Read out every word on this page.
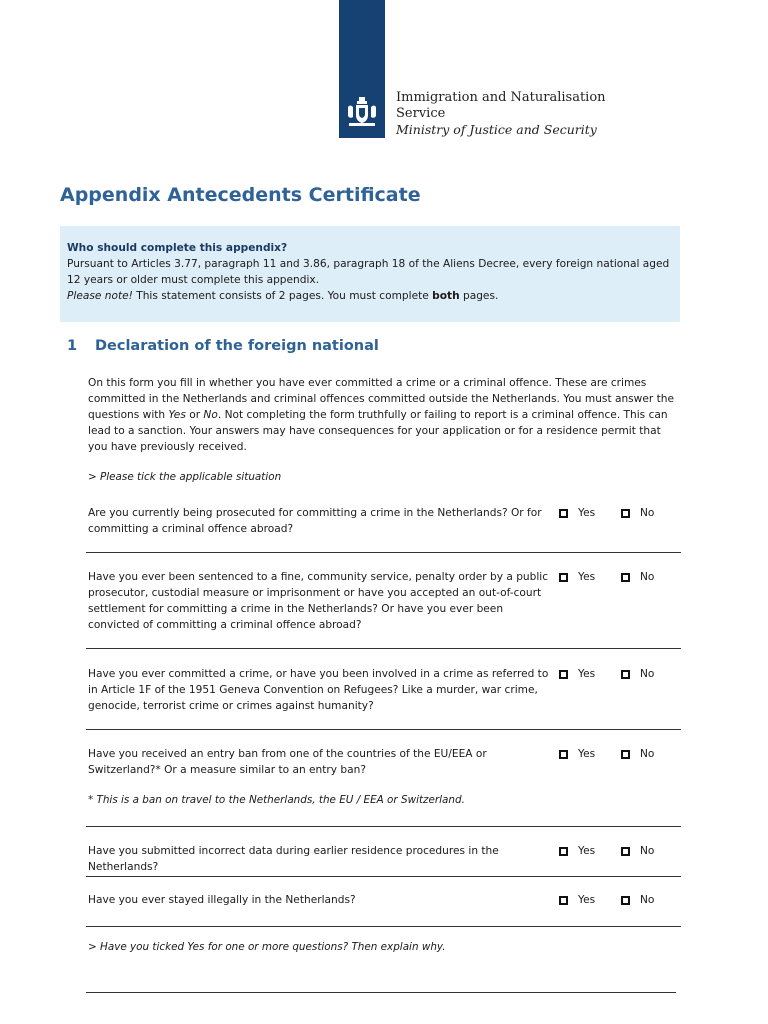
Immigration and Naturalisation
Service
Ministry of Justice and Security
Appendix Antecedents Certificate
Who should complete this appendix?
Pursuant to Articles 3.77, paragraph 11 and 3.86, paragraph 18 of the Aliens Decree, every foreign national aged 12 years or older must complete this appendix.
Please note! This statement consists of 2 pages. You must complete both pages.
1 Declaration of the foreign national
On this form you fill in whether you have ever committed a crime or a criminal offence. These are crimes committed in the Netherlands and criminal offences committed outside the Netherlands. You must answer the questions with Yes or No. Not completing the form truthfully or failing to report is a criminal offence. This can lead to a sanction. Your answers may have consequences for your application or for a residence permit that you have previously received.
> Please tick the applicable situation
Are you currently being prosecuted for committing a crime in the Netherlands? Or for committing a criminal offence abroad?
Yes	No
Have you ever been sentenced to a fine, community service, penalty order by a public prosecutor, custodial measure or imprisonment or have you accepted an out-of-court settlement for committing a crime in the Netherlands? Or have you ever been convicted of committing a criminal offence abroad?
Yes	No
Have you ever committed a crime, or have you been involved in a crime as referred to in Article 1F of the 1951 Geneva Convention on Refugees? Like a murder, war crime, genocide, terrorist crime or crimes against humanity?
Yes	No
Have you received an entry ban from one of the countries of the EU/EEA or Switzerland?* Or a measure similar to an entry ban?
* This is a ban on travel to the Netherlands, the EU / EEA or Switzerland.
Yes	No
Have you submitted incorrect data during earlier residence procedures in the Netherlands?
Yes	No
Have you ever stayed illegally in the Netherlands?	Yes	No
> Have you ticked Yes for one or more questions? Then explain why.
